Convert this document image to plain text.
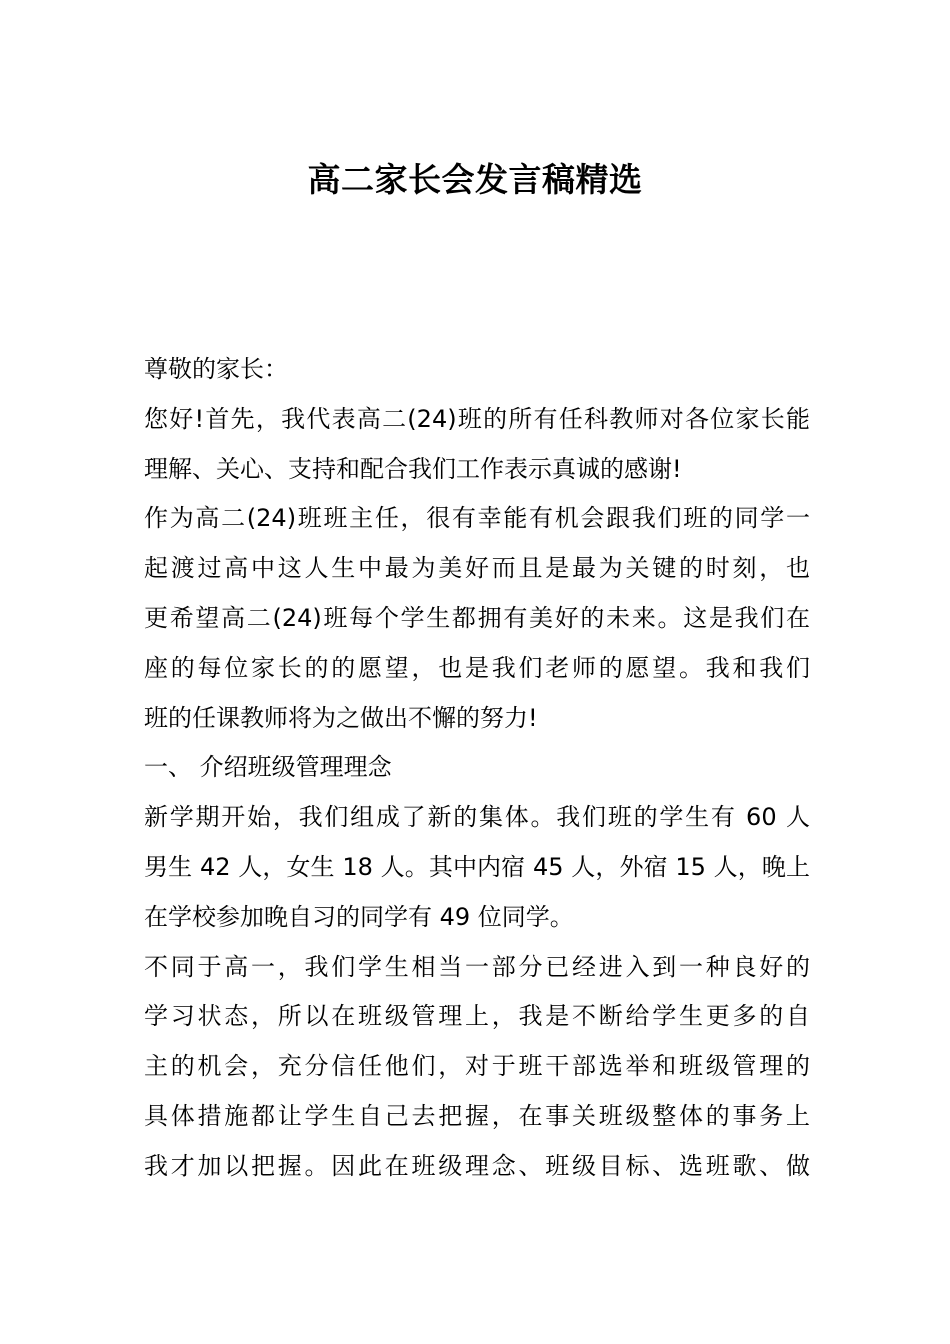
高二家长会发言稿精选
尊敬的家长：
您好!首先，我代表高二(24)班的所有任科教师对各位家长能
理解、关心、支持和配合我们工作表示真诚的感谢!
作为高二(24)班班主任，很有幸能有机会跟我们班的同学一
起渡过高中这人生中最为美好而且是最为关键的时刻，也
更希望高二(24)班每个学生都拥有美好的未来。这是我们在
座的每位家长的的愿望，也是我们老师的愿望。我和我们
班的任课教师将为之做出不懈的努力!
一、 介绍班级管理理念
新学期开始，我们组成了新的集体。我们班的学生有 60 人
男生 42 人，女生 18 人。其中内宿 45 人，外宿 15 人，晚上
在学校参加晚自习的同学有 49 位同学。
不同于高一，我们学生相当一部分已经进入到一种良好的
学习状态，所以在班级管理上，我是不断给学生更多的自
主的机会，充分信任他们，对于班干部选举和班级管理的
具体措施都让学生自己去把握，在事关班级整体的事务上
我才加以把握。因此在班级理念、班级目标、选班歌、做
